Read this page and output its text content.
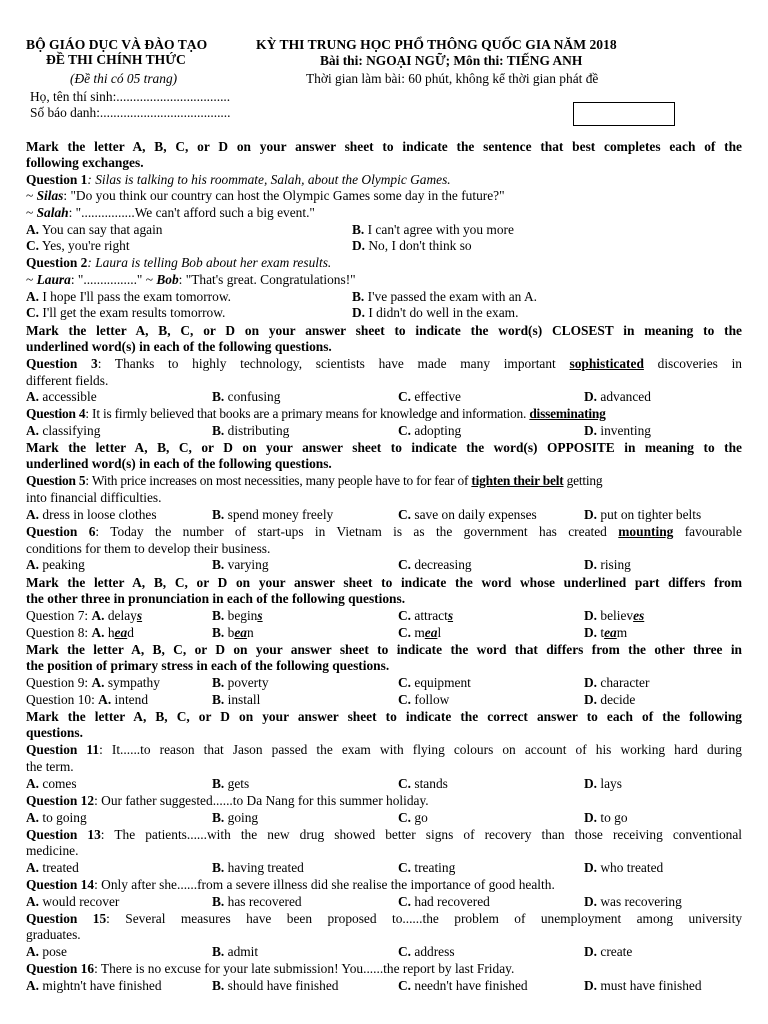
BỘ GIÁO DỤC VÀ ĐÀO TẠO
ĐỀ THI CHÍNH THỨC
(Đề thi có 05 trang)
KỲ THI TRUNG HỌC PHỔ THÔNG QUỐC GIA NĂM 2018
Bài thi: NGOẠI NGỮ; Môn thi: TIẾNG ANH
Thời gian làm bài: 60 phút, không kể thời gian phát đề
Họ, tên thí sinh:..................................
Số báo danh:.......................................
Mark the letter A, B, C, or D on your answer sheet to indicate the sentence that best completes each of the
following exchanges.
Question 1: Silas is talking to his roommate, Salah, about the Olympic Games.
~ Silas: "Do you think our country can host the Olympic Games some day in the future?"
~ Salah: "................We can't afford such a big event."
A. You can say that again	B. I can't agree with you more
C. Yes, you're right	D. No, I don't think so
Question 2: Laura is telling Bob about her exam results.
~ Laura: "................" ~ Bob: "That's great. Congratulations!"
A. I hope I'll pass the exam tomorrow.	B. I've passed the exam with an A.
C. I'll get the exam results tomorrow.	D. I didn't do well in the exam.
Mark the letter A, B, C, or D on your answer sheet to indicate the word(s) CLOSEST in meaning to the
underlined word(s) in each of the following questions.
Question 3: Thanks to highly technology, scientists have made many important sophisticated discoveries in
different fields.
A. accessible	B. confusing	C. effective	D. advanced
Question 4: It is firmly believed that books are a primary means for knowledge and information. disseminating
A. classifying	B. distributing	C. adopting	D. inventing
Mark the letter A, B, C, or D on your answer sheet to indicate the word(s) OPPOSITE in meaning to the
underlined word(s) in each of the following questions.
Question 5: With price increases on most necessities, many people have to for fear of tighten their belt getting
into financial difficulties.
A. dress in loose clothes	B. spend money freely	C. save on daily expenses	D. put on tighter belts
Question 6: Today the number of start-ups in Vietnam is as the government has created mounting favourable
conditions for them to develop their business.
A. peaking	B. varying	C. decreasing	D. rising
Mark the letter A, B, C, or D on your answer sheet to indicate the word whose underlined part differs from
the other three in pronunciation in each of the following questions.
Question 7: A. delays	B. begins	C. attracts	D. believes
Question 8: A. head	B. bean	C. meal	D. team
Mark the letter A, B, C, or D on your answer sheet to indicate the word that differs from the other three in
the position of primary stress in each of the following questions.
Question 9: A. sympathy	B. poverty	C. equipment	D. character
Question 10: A. intend	B. install	C. follow	D. decide
Mark the letter A, B, C, or D on your answer sheet to indicate the correct answer to each of the following
questions.
Question 11: It......to reason that Jason passed the exam with flying colours on account of his working hard during
the term.
A. comes	B. gets	C. stands	D. lays
Question 12: Our father suggested......to Da Nang for this summer holiday.
A. to going	B. going	C. go	D. to go
Question 13: The patients......with the new drug showed better signs of recovery than those receiving conventional
medicine.
A. treated	B. having treated	C. treating	D. who treated
Question 14: Only after she......from a severe illness did she realise the importance of good health.
A. would recover	B. has recovered	C. had recovered	D. was recovering
Question 15: Several measures have been proposed to......the problem of unemployment among university
graduates.
A. pose	B. admit	C. address	D. create
Question 16: There is no excuse for your late submission! You......the report by last Friday.
A. mightn't have finished	B. should have finished	C. needn't have finished	D. must have finished
